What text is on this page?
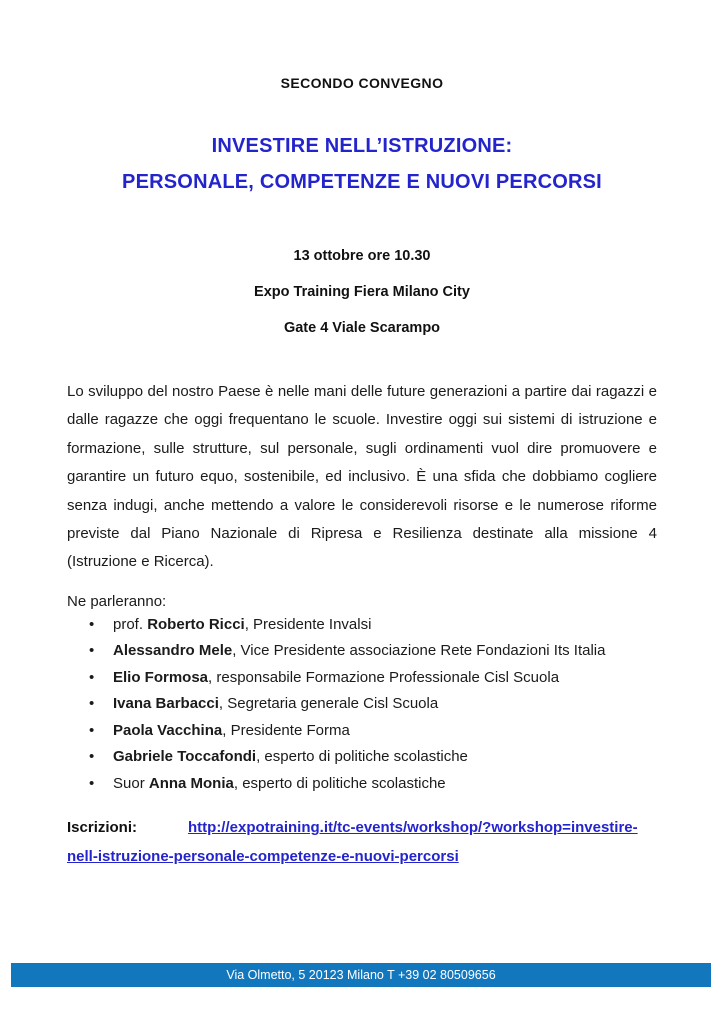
SECONDO CONVEGNO
INVESTIRE NELL’ISTRUZIONE:
PERSONALE, COMPETENZE E NUOVI PERCORSI
13 ottobre ore 10.30
Expo Training Fiera Milano City
Gate 4 Viale Scarampo

Lo sviluppo del nostro Paese è nelle mani delle future generazioni a partire dai ragazzi e dalle ragazze che oggi frequentano le scuole. Investire oggi sui sistemi di istruzione e formazione, sulle strutture, sul personale, sugli ordinamenti vuol dire promuovere e garantire un futuro equo, sostenibile, ed inclusivo. È una sfida che dobbiamo cogliere senza indugi, anche mettendo a valore le considerevoli risorse e le numerose riforme previste dal Piano Nazionale di Ripresa e Resilienza destinate alla missione 4 (Istruzione e Ricerca).

Ne parleranno:
• prof. Roberto Ricci, Presidente Invalsi
• Alessandro Mele, Vice Presidente associazione Rete Fondazioni Its Italia
• Elio Formosa, responsabile Formazione Professionale Cisl Scuola
• Ivana Barbacci, Segretaria generale Cisl Scuola
• Paola Vacchina, Presidente Forma
• Gabriele Toccafondi, esperto di politiche scolastiche
• Suor Anna Monia, esperto di politiche scolastiche

Iscrizioni:	http://expotraining.it/tc-events/workshop/?workshop=investire-nell-istruzione-personale-competenze-e-nuovi-percorsi

Via Olmetto, 5 20123 Milano T +39 02 80509656
